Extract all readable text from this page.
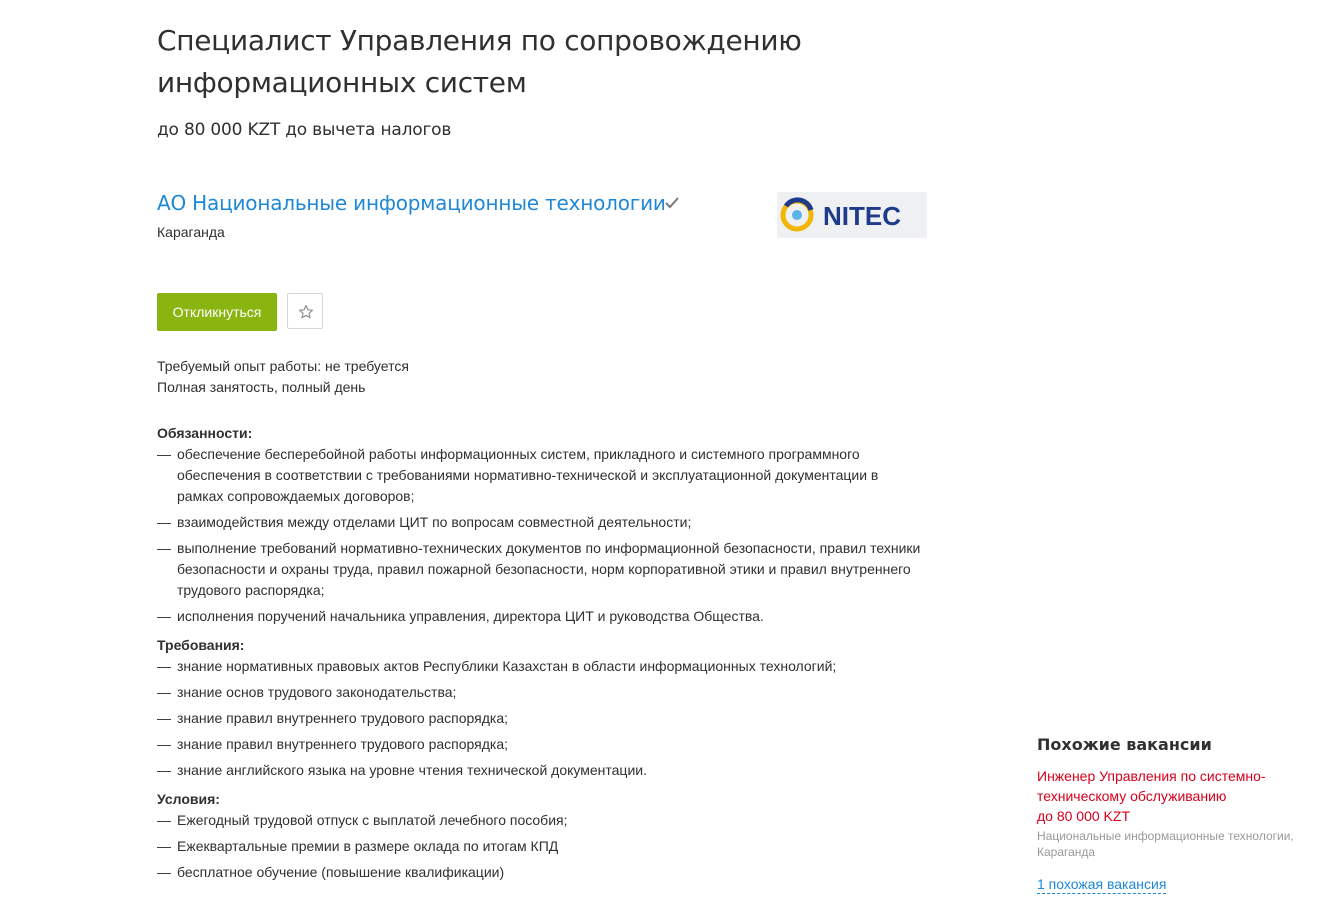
Специалист Управления по сопровождению информационных систем
до 80 000 KZT до вычета налогов
АО Национальные информационные технологии
Караганда
NITEC
Откликнуться
Требуемый опыт работы: не требуется
Полная занятость, полный день

Обязанности:

— обеспечение бесперебойной работы информационных систем, прикладного и системного программного обеспечения в соответствии с требованиями нормативно-технической и эксплуатационной документации в рамках сопровождаемых договоров;
— взаимодействия между отделами ЦИТ по вопросам совместной деятельности;
— выполнение требований нормативно-технических документов по информационной безопасности, правил техники безопасности и охраны труда, правил пожарной безопасности, норм корпоративной этики и правил внутреннего трудового распорядка;
— исполнения поручений начальника управления, директора ЦИТ и руководства Общества.

Требования:

— знание нормативных правовых актов Республики Казахстан в области информационных технологий;
— знание основ трудового законодательства;
— знание правил внутреннего трудового распорядка;
— знание правил внутреннего трудового распорядка;
— знание английского языка на уровне чтения технической документации.

Условия:

— Ежегодный трудовой отпуск с выплатой лечебного пособия;
— Ежеквартальные премии в размере оклада по итогам КПД
— бесплатное обучение (повышение квалификации)
Похожие вакансии
Инженер Управления по системно-техническому обслуживанию
до 80 000 KZT
Национальные информационные технологии, Караганда
1 похожая вакансия
